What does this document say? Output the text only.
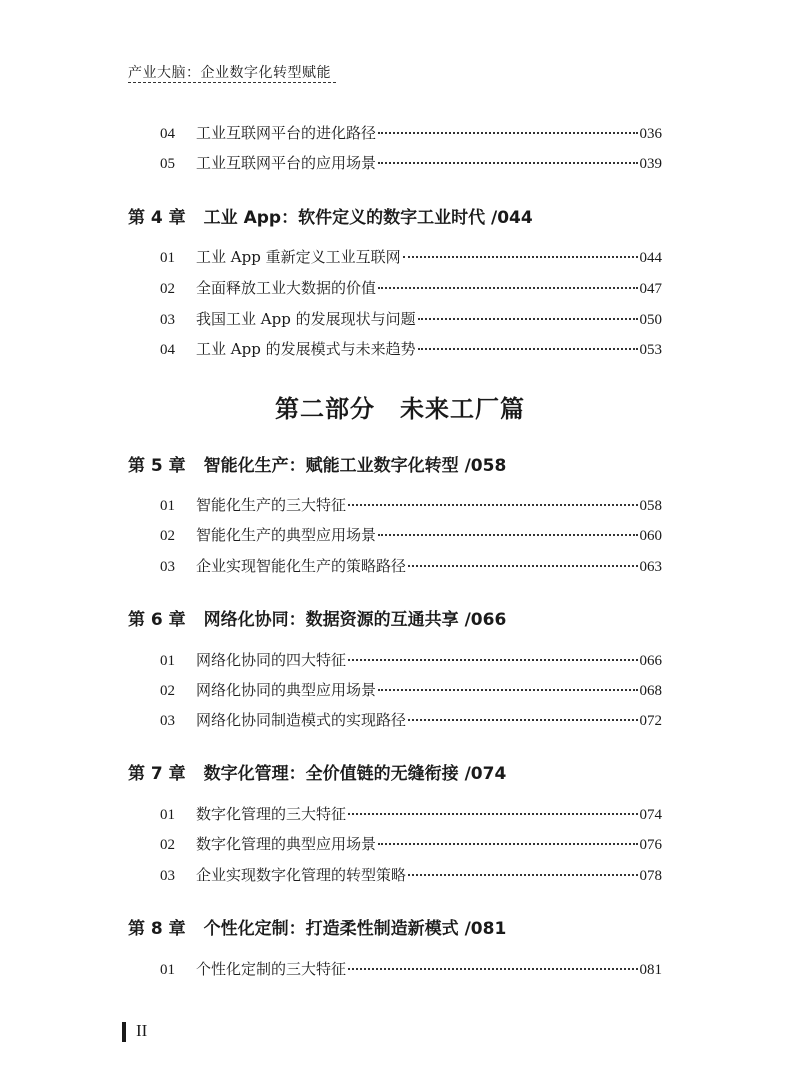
产业大脑：企业数字化转型赋能
04	工业互联网平台的进化路径	036
05	工业互联网平台的应用场景	039
第 4 章 工业 App：软件定义的数字工业时代 /044
01	工业 App 重新定义工业互联网	044
02	全面释放工业大数据的价值	047
03	我国工业 App 的发展现状与问题	050
04	工业 App 的发展模式与未来趋势	053
第二部分　未来工厂篇
第 5 章 智能化生产：赋能工业数字化转型 /058
01	智能化生产的三大特征	058
02	智能化生产的典型应用场景	060
03	企业实现智能化生产的策略路径	063
第 6 章 网络化协同：数据资源的互通共享 /066
01	网络化协同的四大特征	066
02	网络化协同的典型应用场景	068
03	网络化协同制造模式的实现路径	072
第 7 章 数字化管理：全价值链的无缝衔接 /074
01	数字化管理的三大特征	074
02	数字化管理的典型应用场景	076
03	企业实现数字化管理的转型策略	078
第 8 章 个性化定制：打造柔性制造新模式 /081
01	个性化定制的三大特征	081
II
